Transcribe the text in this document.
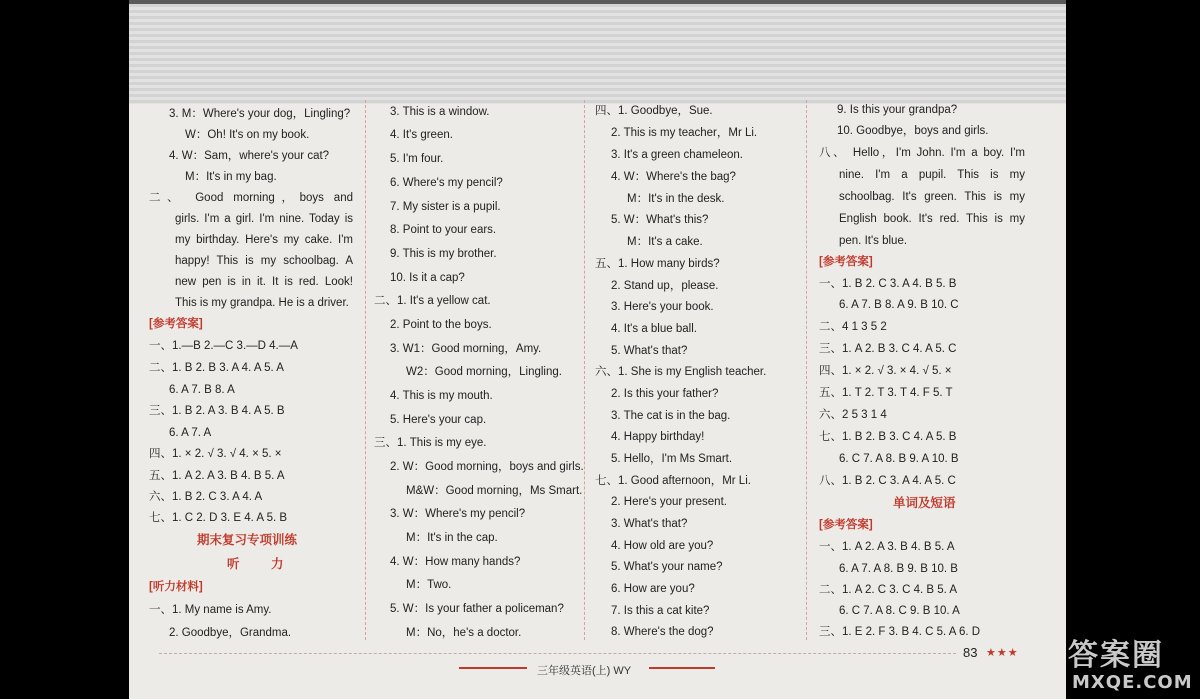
3. M：Where's your dog，Lingling?
W：Oh! It's on my book.
4. W：Sam，where's your cat?
M：It's in my bag.
二、 Good morning，boys and
girls. I'm a girl. I'm nine. Today is
my birthday. Here's my cake. I'm
happy! This is my schoolbag. A
new pen is in it. It is red. Look!
This is my grandpa. He is a driver.
[参考答案]
一、1.—B 2.—C 3.—D 4.—A
二、1. B 2. B 3. A 4. A 5. A
6. A 7. B 8. A
三、1. B 2. A 3. B 4. A 5. B
6. A 7. A
四、1. × 2. √ 3. √ 4. × 5. ×
五、1. A 2. A 3. B 4. B 5. A
六、1. B 2. C 3. A 4. A
七、1. C 2. D 3. E 4. A 5. B
期末复习专项训练
听 力
[听力材料]
一、1. My name is Amy.
2. Goodbye，Grandma.
3. This is a window.
4. It's green.
5. I'm four.
6. Where's my pencil?
7. My sister is a pupil.
8. Point to your ears.
9. This is my brother.
10. Is it a cap?
二、1. It's a yellow cat.
2. Point to the boys.
3. W1：Good morning，Amy.
W2：Good morning，Lingling.
4. This is my mouth.
5. Here's your cap.
三、1. This is my eye.
2. W：Good morning，boys and girls.
M&W：Good morning，Ms Smart.
3. W：Where's my pencil?
M：It's in the cap.
4. W：How many hands?
M：Two.
5. W：Is your father a policeman?
M：No，he's a doctor.
四、1. Goodbye，Sue.
2. This is my teacher，Mr Li.
3. It's a green chameleon.
4. W：Where's the bag?
M：It's in the desk.
5. W：What's this?
M：It's a cake.
五、1. How many birds?
2. Stand up，please.
3. Here's your book.
4. It's a blue ball.
5. What's that?
六、1. She is my English teacher.
2. Is this your father?
3. The cat is in the bag.
4. Happy birthday!
5. Hello，I'm Ms Smart.
七、1. Good afternoon，Mr Li.
2. Here's your present.
3. What's that?
4. How old are you?
5. What's your name?
6. How are you?
7. Is this a cat kite?
8. Where's the dog?
9. Is this your grandpa?
10. Goodbye，boys and girls.
八、 Hello，I'm John. I'm a boy. I'm
nine. I'm a pupil. This is my
schoolbag. It's green. This is my
English book. It's red. This is my
pen. It's blue.
[参考答案]
一、1. B 2. C 3. A 4. B 5. B
6. A 7. B 8. A 9. B 10. C
二、4 1 3 5 2
三、1. A 2. B 3. C 4. A 5. C
四、1. × 2. √ 3. × 4. √ 5. ×
五、1. T 2. T 3. T 4. F 5. T
六、2 5 3 1 4
七、1. B 2. B 3. C 4. A 5. B
6. C 7. A 8. B 9. A 10. B
八、1. B 2. C 3. A 4. A 5. C
单词及短语
[参考答案]
一、1. A 2. A 3. B 4. B 5. A
6. A 7. A 8. B 9. B 10. B
二、1. A 2. C 3. C 4. B 5. A
6. C 7. A 8. C 9. B 10. A
三、1. E 2. F 3. B 4. C 5. A 6. D
三年级英语(上) WY
83 ★★★ 答案圈
MXQE.COM
